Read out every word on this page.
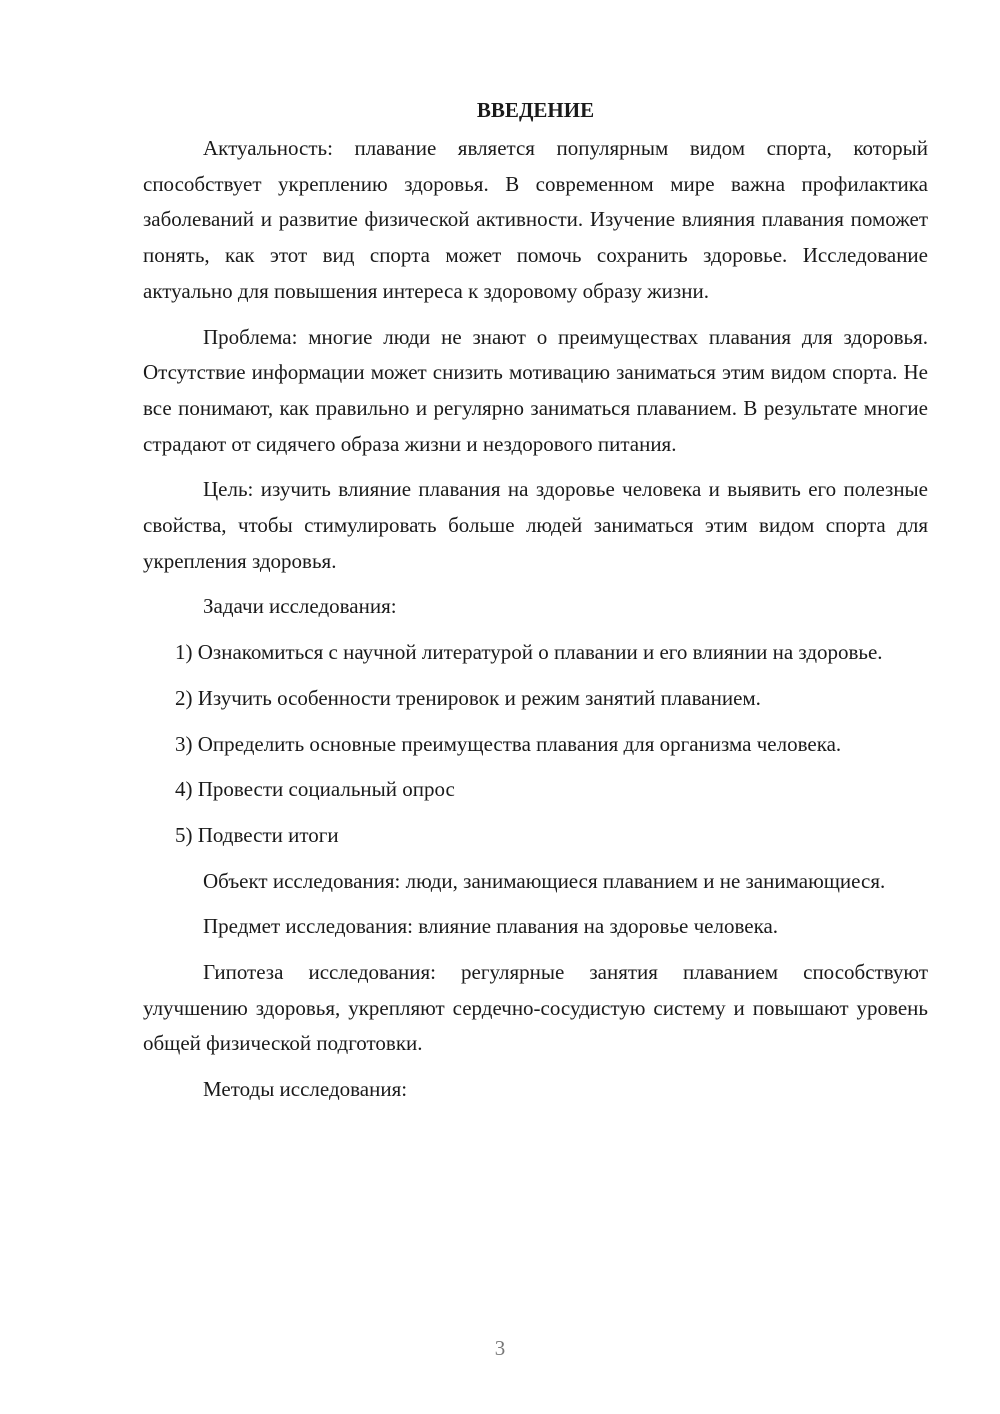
ВВЕДЕНИЕ

Актуальность: плавание является популярным видом спорта, который способствует укреплению здоровья. В современном мире важна профилактика заболеваний и развитие физической активности. Изучение влияния плавания поможет понять, как этот вид спорта может помочь сохранить здоровье. Исследование актуально для повышения интереса к здоровому образу жизни.

Проблема: многие люди не знают о преимуществах плавания для здоровья. Отсутствие информации может снизить мотивацию заниматься этим видом спорта. Не все понимают, как правильно и регулярно заниматься плаванием. В результате многие страдают от сидячего образа жизни и нездорового питания.

Цель: изучить влияние плавания на здоровье человека и выявить его полезные свойства, чтобы стимулировать больше людей заниматься этим видом спорта для укрепления здоровья.

Задачи исследования:

1) Ознакомиться с научной литературой о плавании и его влиянии на здоровье.

2) Изучить особенности тренировок и режим занятий плаванием.

3) Определить основные преимущества плавания для организма человека.

4) Провести социальный опрос

5) Подвести итоги

Объект исследования: люди, занимающиеся плаванием и не занимающиеся.

Предмет исследования: влияние плавания на здоровье человека.

Гипотеза исследования: регулярные занятия плаванием способствуют улучшению здоровья, укрепляют сердечно-сосудистую систему и повышают уровень общей физической подготовки.

Методы исследования:

3
